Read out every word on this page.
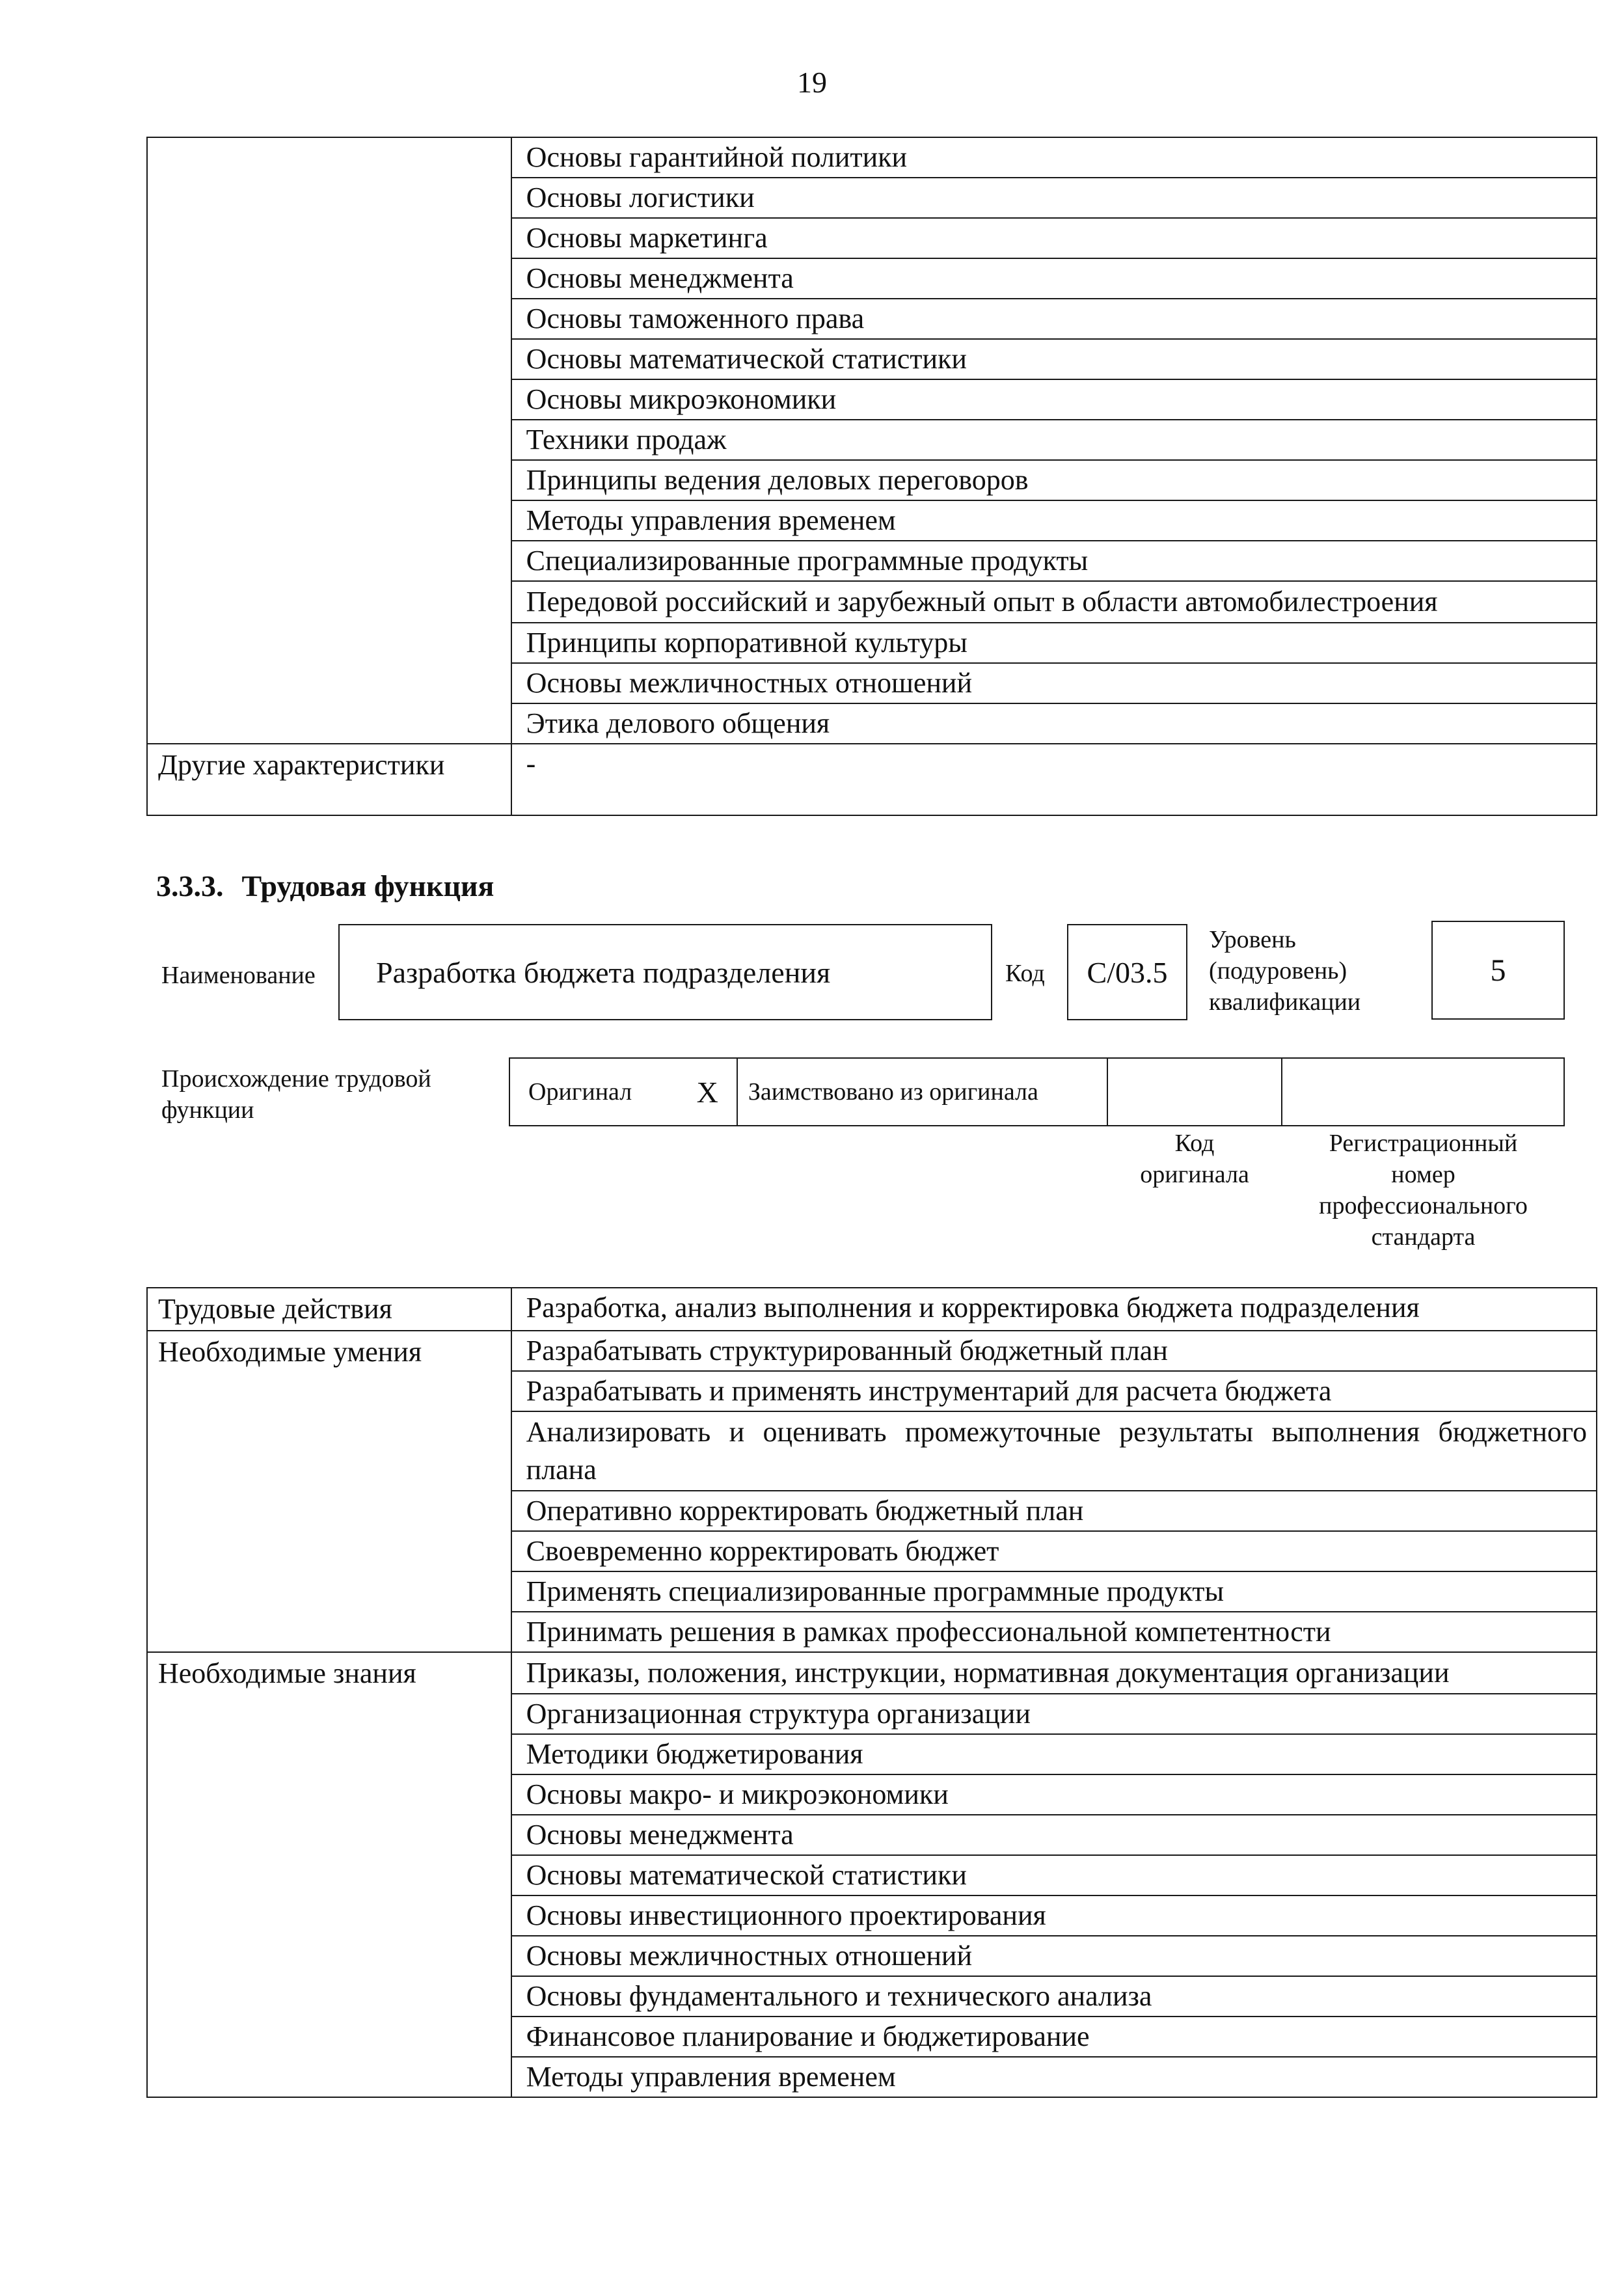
19

	Основы гарантийной политики

	Основы логистики

	Основы маркетинга

	Основы менеджмента

	Основы таможенного права

	Основы математической статистики

	Основы микроэкономики

	Техники продаж

	Принципы ведения деловых переговоров

	Методы управления временем

	Специализированные программные продукты

	Передовой российский и зарубежный опыт в области автомобилестроения

	Принципы корпоративной культуры

	Основы межличностных отношений

	Этика делового общения

Другие характеристики	-
3.3.3. Трудовая функция
Наименование Разработка бюджета подразделения	Код C/03.5
Уровень
(подуровень)
квалификации
5
Происхождение трудовой
функции
Оригинал X	Заимствовано из оригинала

Код
оригинала
Регистрационный
номер
профессионального
стандарта
Трудовые действия	Разработка, анализ выполнения и корректировка бюджета подразделения

Необходимые умения	Разрабатывать структурированный бюджетный план

	Разрабатывать и применять инструментарий для расчета бюджета

	Анализировать и оценивать промежуточные результаты выполнения бюджетного плана

	Оперативно корректировать бюджетный план

	Своевременно корректировать бюджет

	Применять специализированные программные продукты

	Принимать решения в рамках профессиональной компетентности

Необходимые знания	Приказы, положения, инструкции, нормативная документация организации

	Организационная структура организации

	Методики бюджетирования

	Основы макро- и микроэкономики

	Основы менеджмента

	Основы математической статистики

	Основы инвестиционного проектирования

	Основы межличностных отношений

	Основы фундаментального и технического анализа

	Финансовое планирование и бюджетирование

	Методы управления временем
